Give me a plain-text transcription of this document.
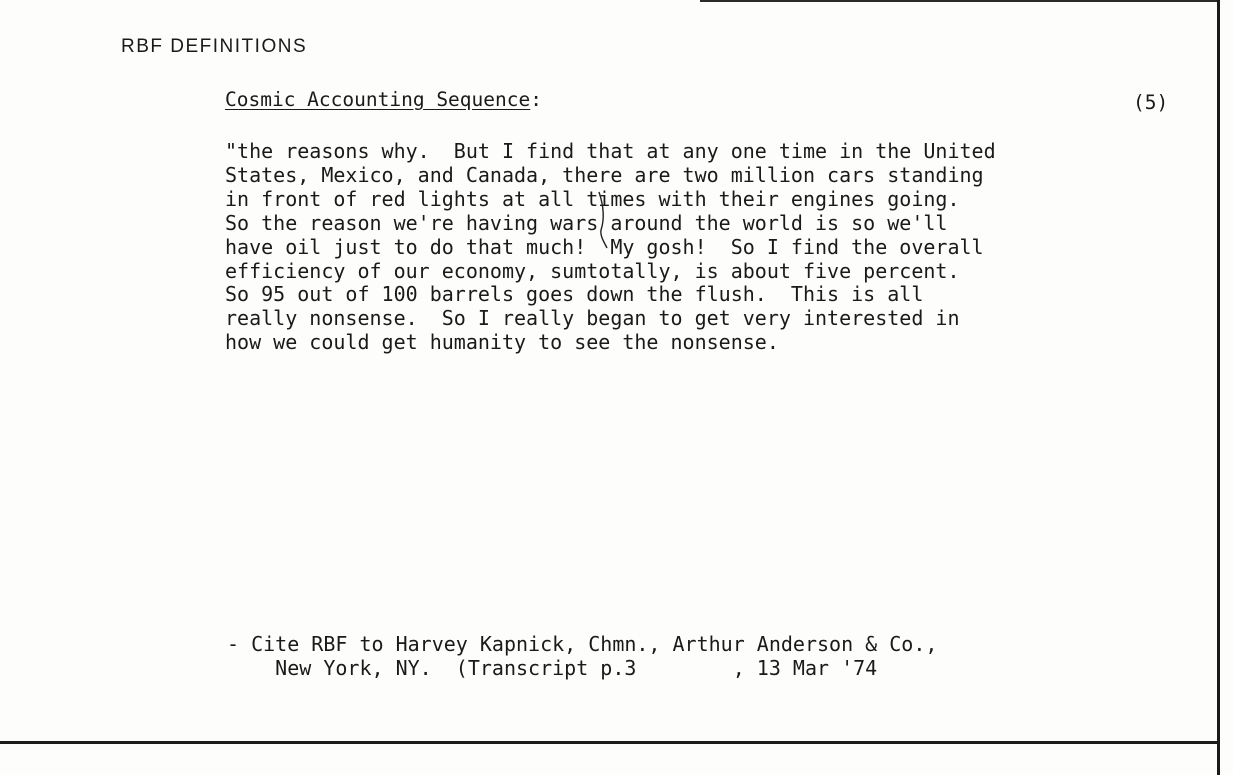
RBF DEFINITIONS
Cosmic Accounting Sequence:	(5)
"the reasons why.  But I find that at any one time in the United
States, Mexico, and Canada, there are two million cars standing
in front of red lights at all times with their engines going.
So the reason we're having wars around the world is so we'll
have oil just to do that much!  My gosh!  So I find the overall
efficiency of our economy, sumtotally, is about five percent.
So 95 out of 100 barrels goes down the flush.  This is all
really nonsense.  So I really began to get very interested in
how we could get humanity to see the nonsense.
- Cite RBF to Harvey Kapnick, Chmn., Arthur Anderson & Co.,
New York, NY.  (Transcript p.3        , 13 Mar '74
